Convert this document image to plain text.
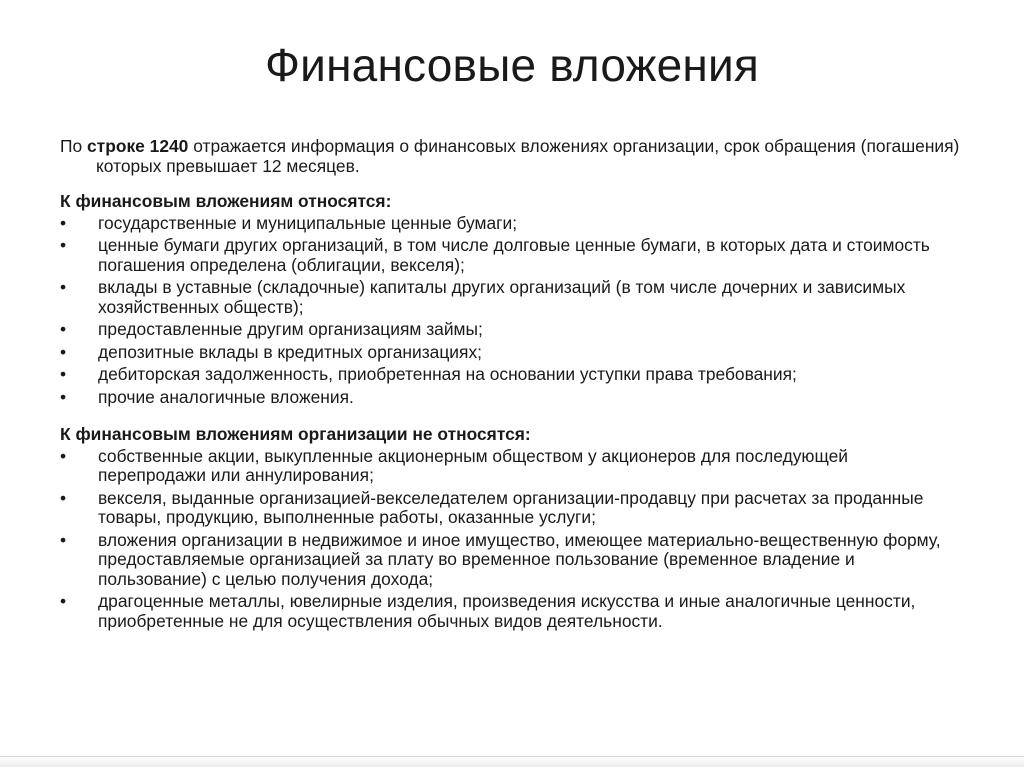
Финансовые вложения

По строке 1240 отражается информация о финансовых вложениях организации, срок обращения (погашения) которых превышает 12 месяцев.

К финансовым вложениям относятся:

•	государственные и муниципальные ценные бумаги;
•	ценные бумаги других организаций, в том числе долговые ценные бумаги, в которых дата и стоимость погашения определена (облигации, векселя);
•	вклады в уставные (складочные) капиталы других организаций (в том числе дочерних и зависимых хозяйственных обществ);
•	предоставленные другим организациям займы;
•	депозитные вклады в кредитных организациях;
•	дебиторская задолженность, приобретенная на основании уступки права требования;
•	прочие аналогичные вложения.

К финансовым вложениям организации не относятся:

•	собственные акции, выкупленные акционерным обществом у акционеров для последующей перепродажи или аннулирования;
•	векселя, выданные организацией-векселедателем организации-продавцу при расчетах за проданные товары, продукцию, выполненные работы, оказанные услуги;
•	вложения организации в недвижимое и иное имущество, имеющее материально-вещественную форму, предоставляемые организацией за плату во временное пользование (временное владение и пользование) с целью получения дохода;
•	драгоценные металлы, ювелирные изделия, произведения искусства и иные аналогичные ценности, приобретенные не для осуществления обычных видов деятельности.
